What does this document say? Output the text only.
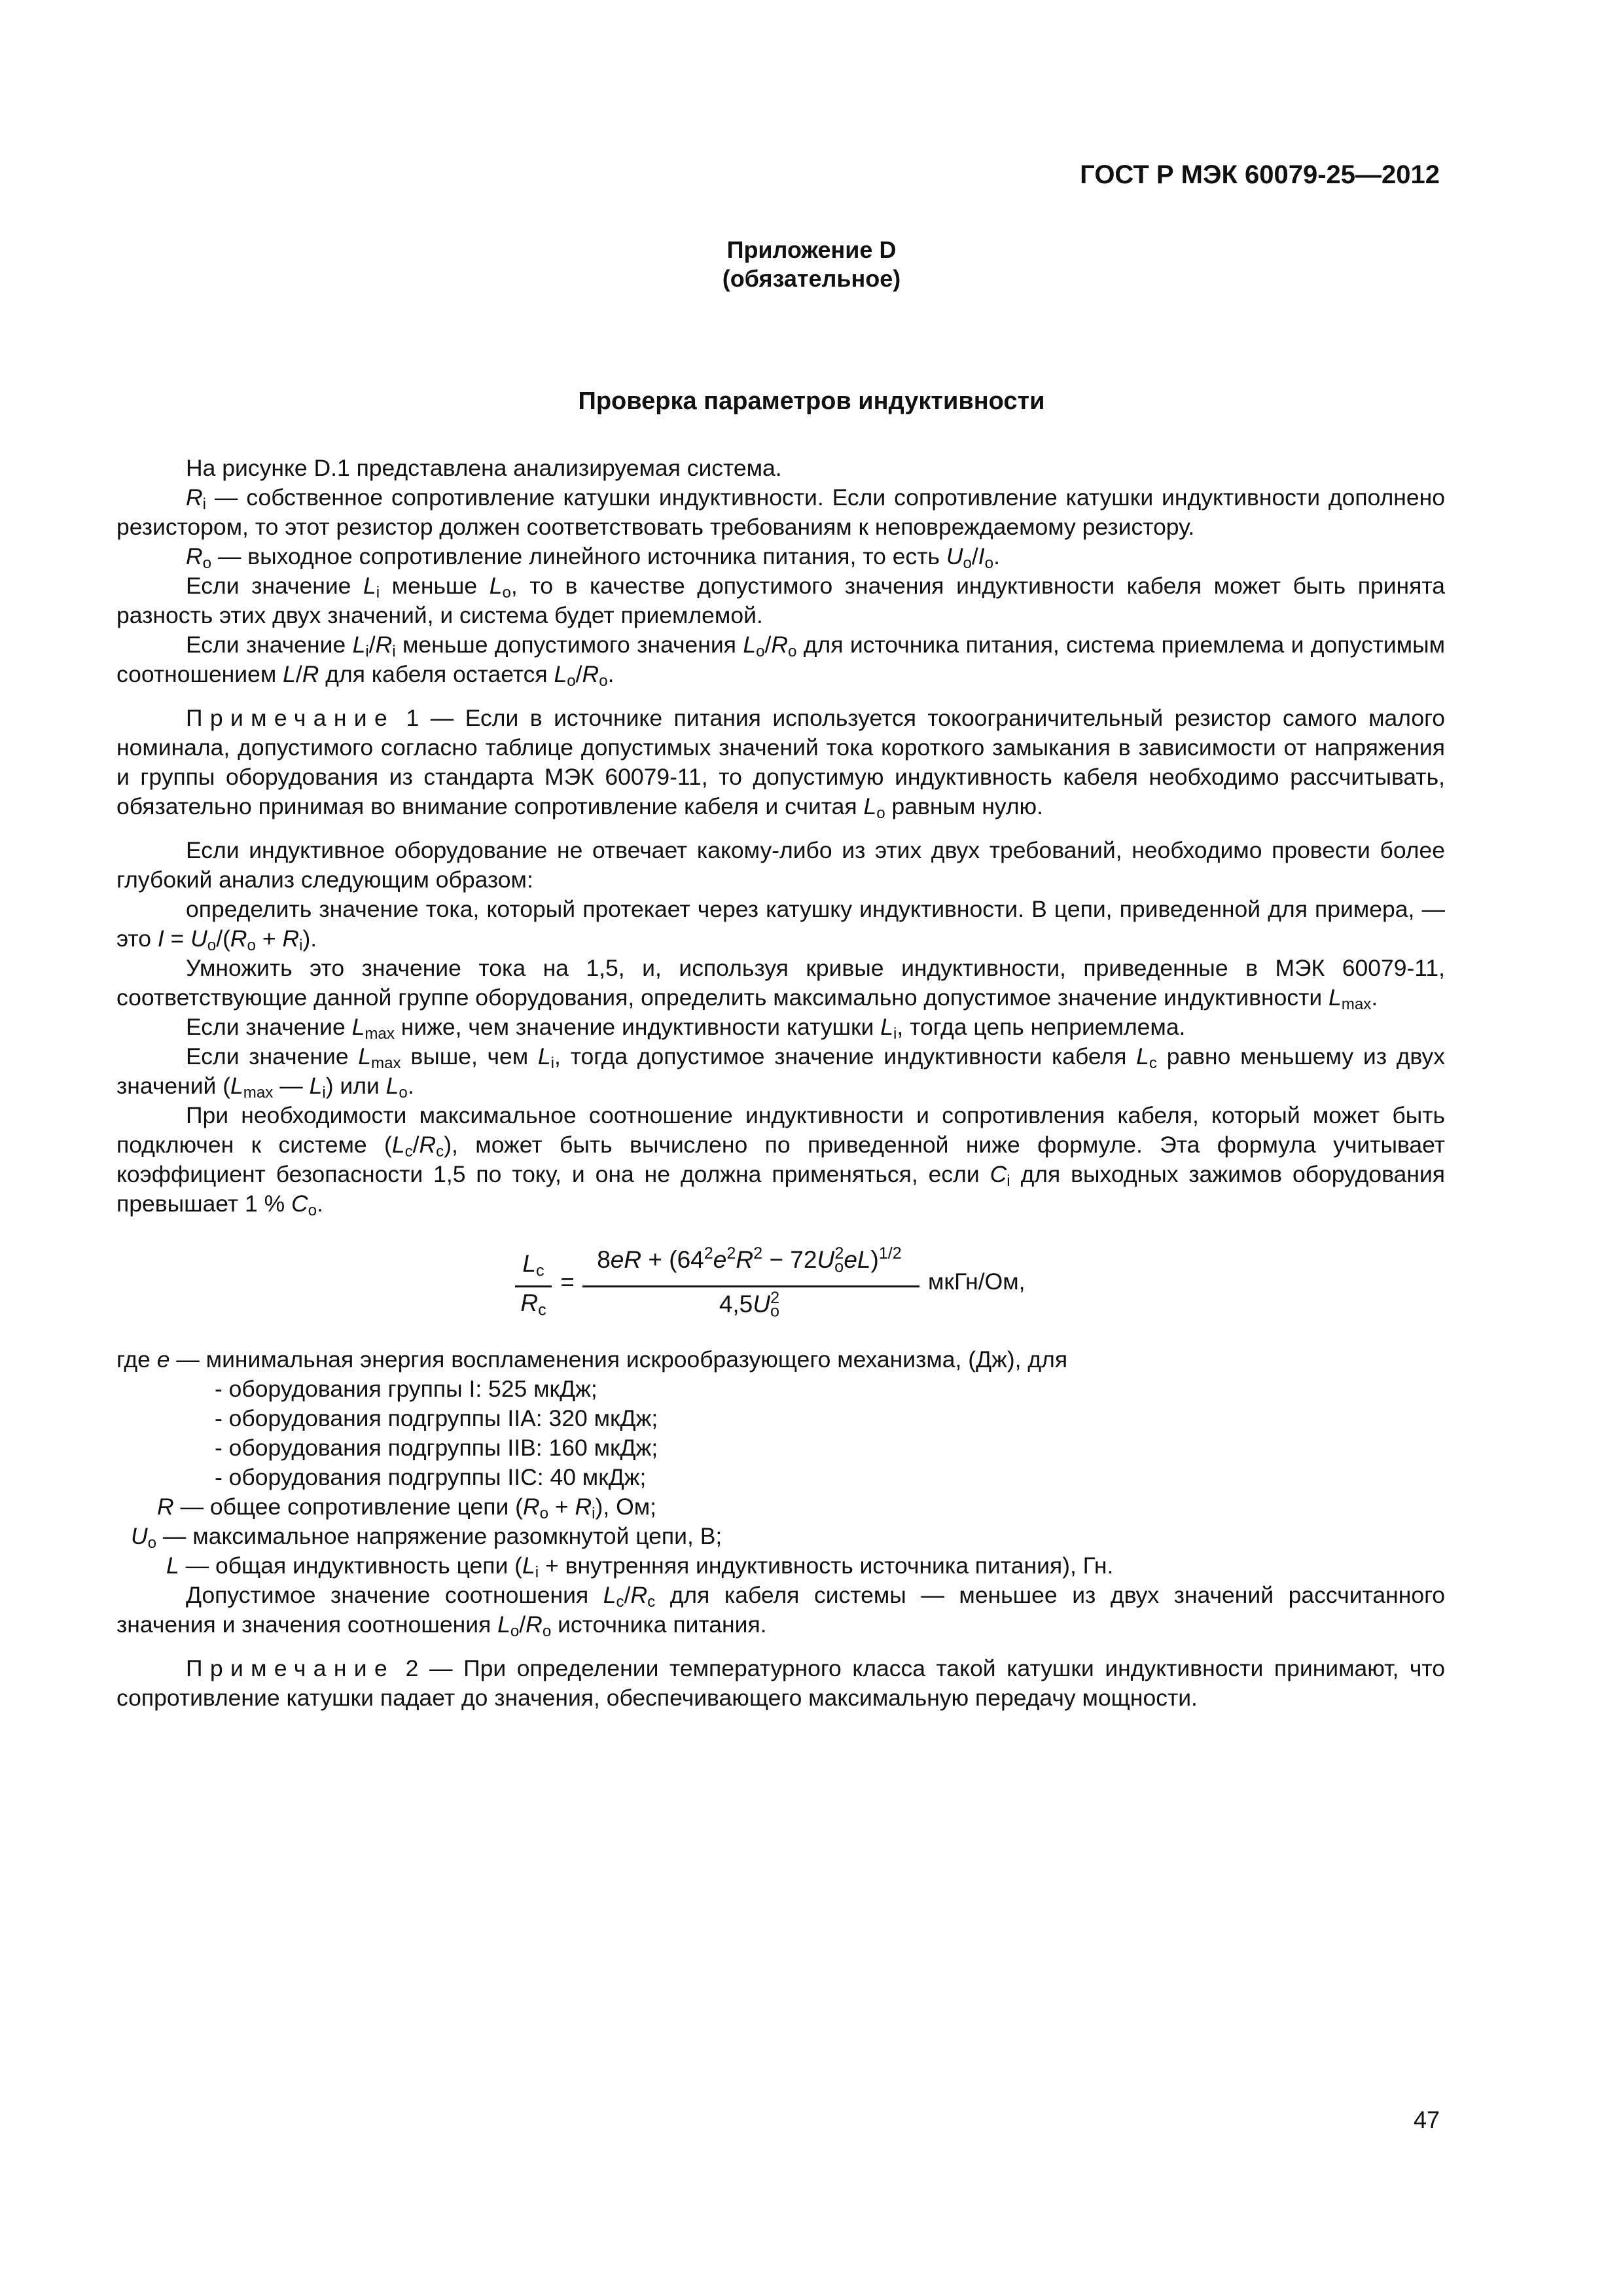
ГОСТ Р МЭК 60079-25—2012
Приложение D
(обязательное)
Проверка параметров индуктивности

На рисунке D.1 представлена анализируемая система.

$R_i$ — собственное сопротивление катушки индуктивности. Если сопротивление катушки индуктивности дополнено резистором, то этот резистор должен соответствовать требованиям к неповреждаемому резистору.

$R_o$ — выходное сопротивление линейного источника питания, то есть $U_o/I_o$.

Если значение $L_i$ меньше $L_o$, то в качестве допустимого значения индуктивности кабеля может быть принята разность этих двух значений, и система будет приемлемой.

Если значение $L_i/R_i$ меньше допустимого значения $L_o/R_o$ для источника питания, система приемлема и допустимым соотношением L/R для кабеля остается $L_o/R_o$.

Примечание 1 — Если в источнике питания используется токоограничительный резистор самого малого номинала, допустимого согласно таблице допустимых значений тока короткого замыкания в зависимости от напряжения и группы оборудования из стандарта МЭК 60079-11, то допустимую индуктивность кабеля необходимо рассчитывать, обязательно принимая во внимание сопротивление кабеля и считая $L_o$ равным нулю.

Если индуктивное оборудование не отвечает какому-либо из этих двух требований, необходимо провести более глубокий анализ следующим образом:

определить значение тока, который протекает через катушку индуктивности. В цепи, приведенной для примера, — это $I = U_o/(R_o + R_i)$.

Умножить это значение тока на 1,5, и, используя кривые индуктивности, приведенные в МЭК 60079-11, соответствующие данной группе оборудования, определить максимально допустимое значение индуктивности $L_{max}$.

Если значение $L_{max}$ ниже, чем значение индуктивности катушки $L_i$, тогда цепь неприемлема.

Если значение $L_{max}$ выше, чем $L_i$, тогда допустимое значение индуктивности кабеля $L_c$ равно меньшему из двух значений ($L_{max}$ — $L_i$) или $L_o$.

При необходимости максимальное соотношение индуктивности и сопротивления кабеля, который может быть подключен к системе $(L_c/R_c)$, может быть вычислено по приведенной ниже формуле. Эта формула учитывает коэффициент безопасности 1,5 по току, и она не должна применяться, если $C_i$ для выходных зажимов оборудования превышает 1 % $C_o$.

$L_c$
$R_c$
=
$8eR + (64^2e^2R^2 - 72U_o^2eL)^{1/2}$
$4,5U_o^2$
мкГн/Ом,
где e — минимальная энергия воспламенения искрообразующего механизма, (Дж), для
- оборудования группы I: 525 мкДж;
- оборудования подгруппы IIA: 320 мкДж;
- оборудования подгруппы IIB: 160 мкДж;
- оборудования подгруппы IIC: 40 мкДж;
R — общее сопротивление цепи $(R_o + R_i)$, Ом;
$U_o$ — максимальное напряжение разомкнутой цепи, В;
L — общая индуктивность цепи ($L_i$ + внутренняя индуктивность источника питания), Гн.

Допустимое значение соотношения $L_c/R_c$ для кабеля системы — меньшее из двух значений рассчитанного значения и значения соотношения $L_o/R_o$ источника питания.

Примечание 2 — При определении температурного класса такой катушки индуктивности принимают, что сопротивление катушки падает до значения, обеспечивающего максимальную передачу мощности.

47
